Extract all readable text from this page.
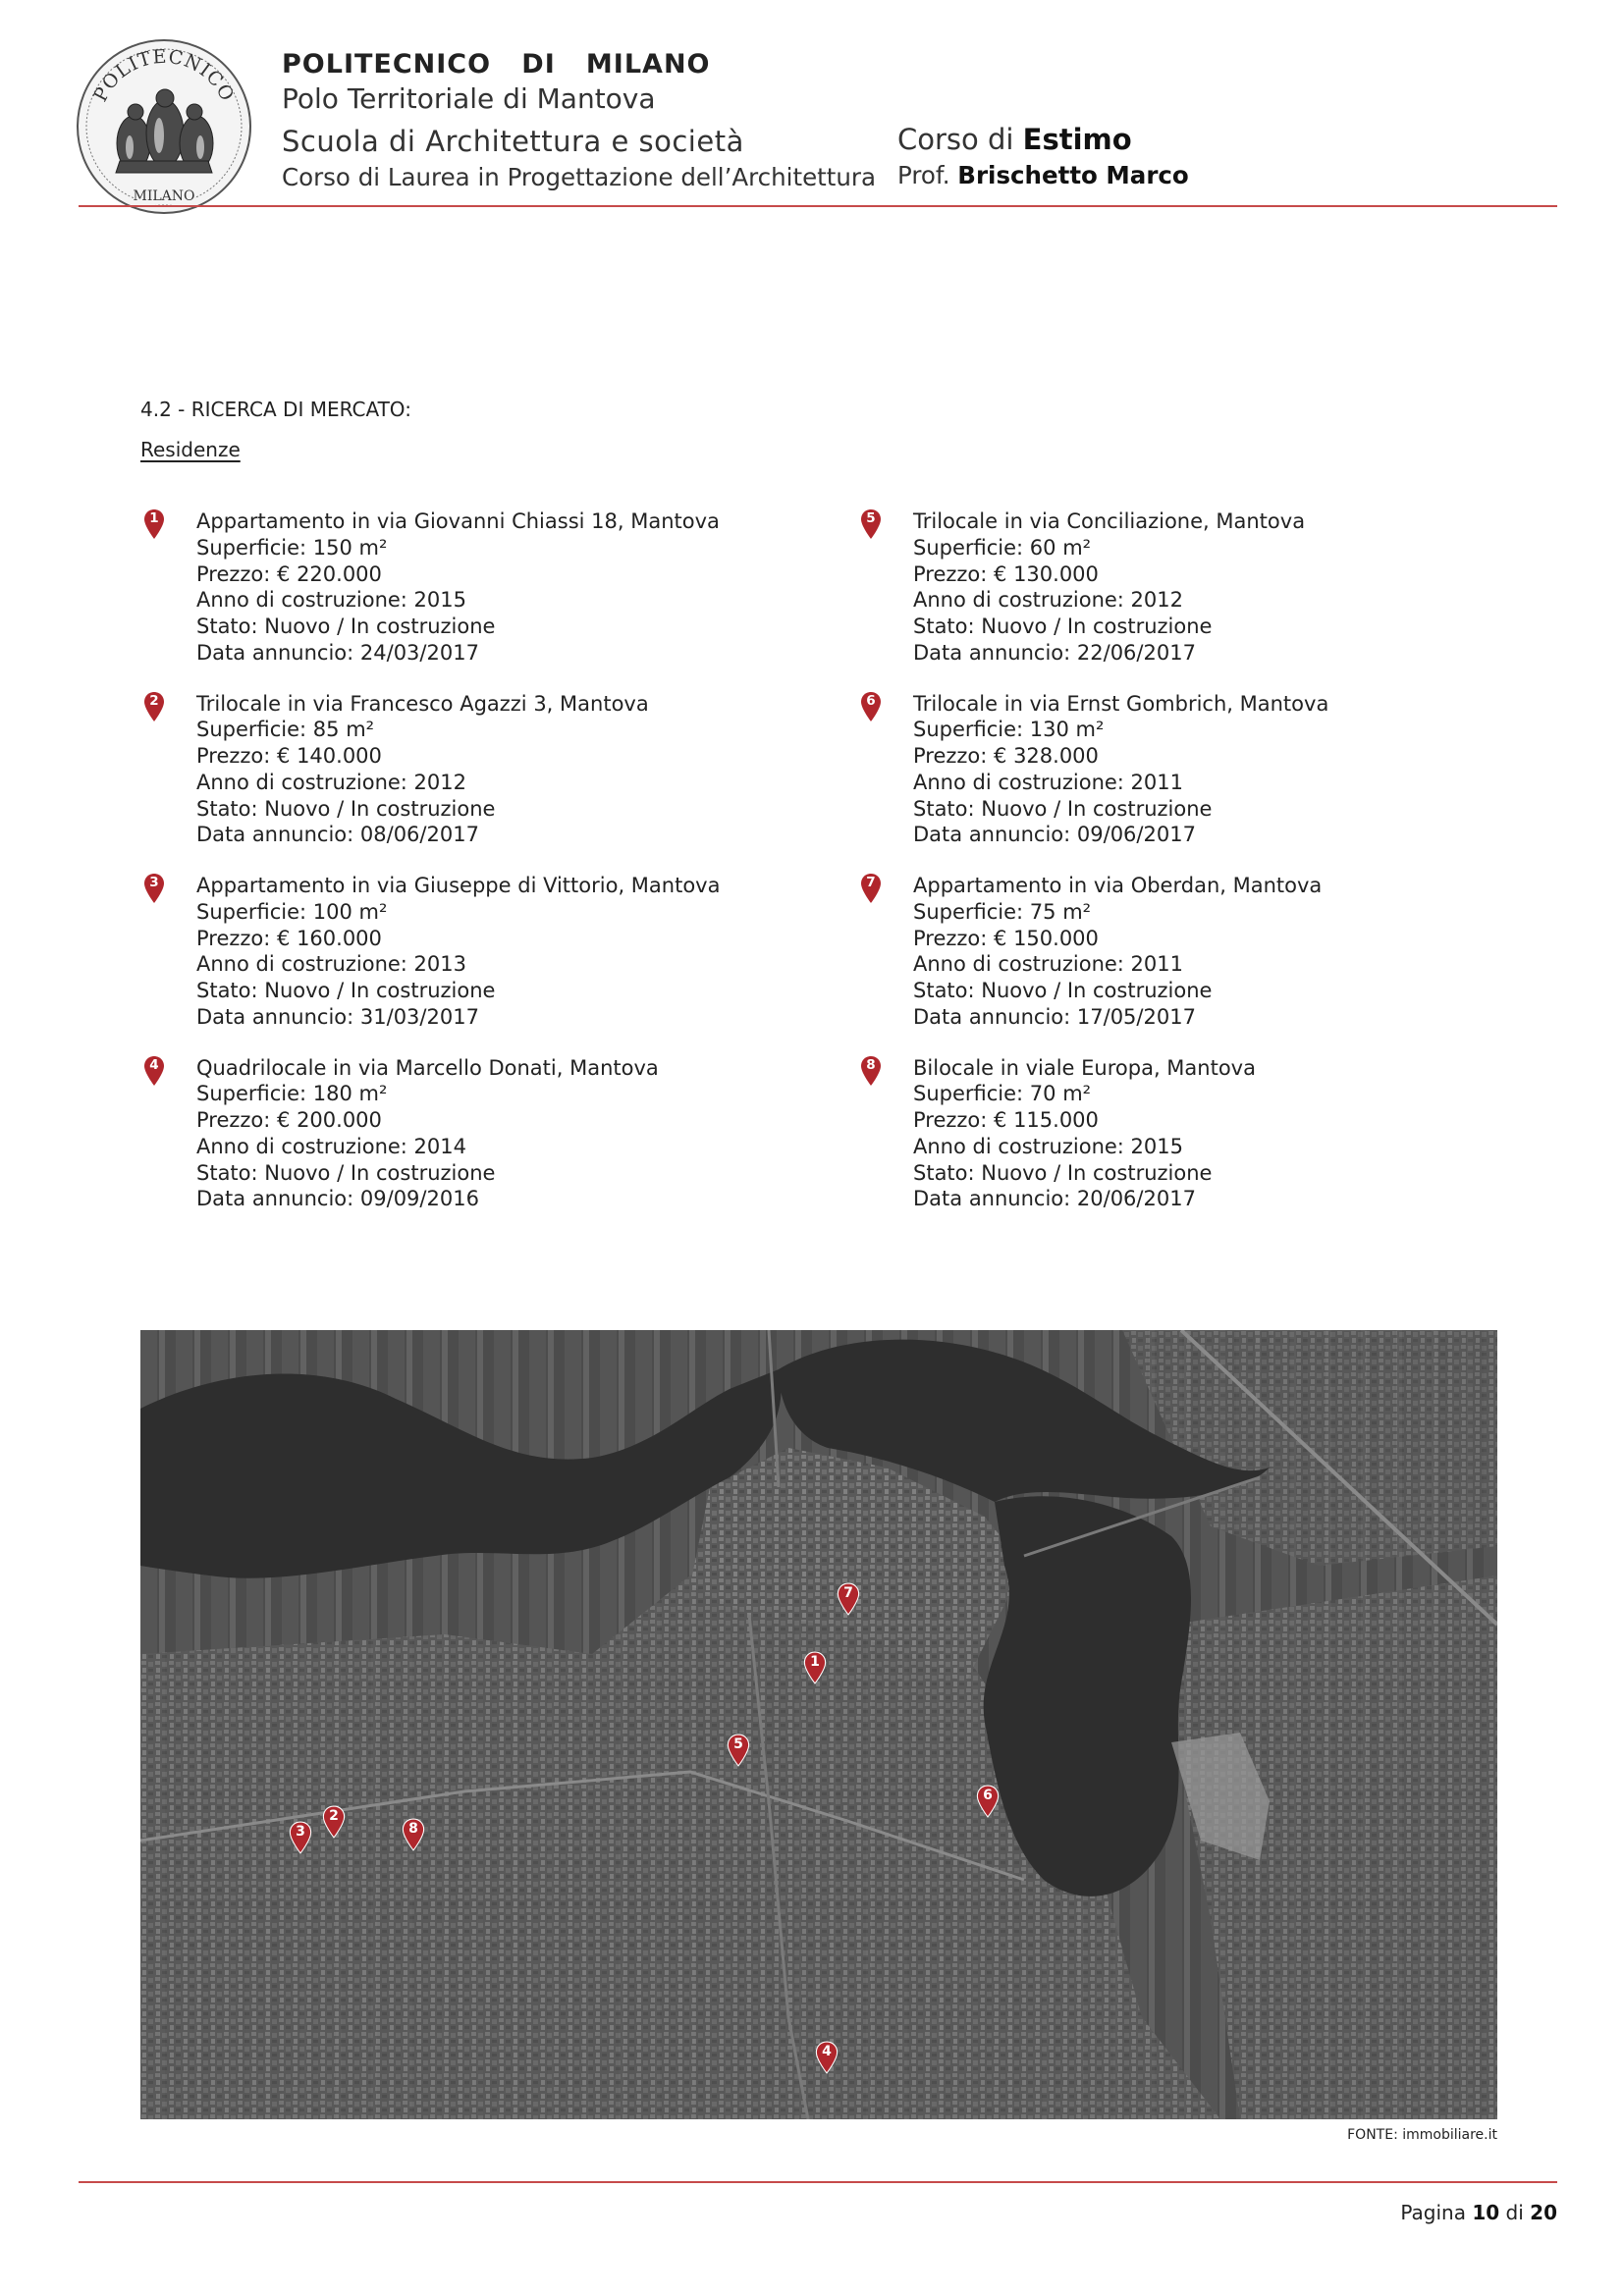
POLITECNICO
MILANO
POLITECNICO   DI   MILANO
Polo Territoriale di Mantova
Scuola di Architettura e società
Corso di Laurea in Progettazione dell’Architettura
Corso di Estimo
Prof. Brischetto Marco
4.2 - RICERCA DI MERCATO:
Residenze
1 Appartamento in via Giovanni Chiassi 18, Mantova
Superficie: 150 m²
Prezzo: € 220.000
Anno di costruzione: 2015
Stato: Nuovo / In costruzione
Data annuncio: 24/03/2017
2 Trilocale in via Francesco Agazzi 3, Mantova
Superficie: 85 m²
Prezzo: € 140.000
Anno di costruzione: 2012
Stato: Nuovo / In costruzione
Data annuncio: 08/06/2017
3 Appartamento in via Giuseppe di Vittorio, Mantova
Superficie: 100 m²
Prezzo: € 160.000
Anno di costruzione: 2013
Stato: Nuovo / In costruzione
Data annuncio: 31/03/2017
4 Quadrilocale in via Marcello Donati, Mantova
Superficie: 180 m²
Prezzo: € 200.000
Anno di costruzione: 2014
Stato: Nuovo / In costruzione
Data annuncio: 09/09/2016
5 Trilocale in via Conciliazione, Mantova
Superficie: 60 m²
Prezzo: € 130.000
Anno di costruzione: 2012
Stato: Nuovo / In costruzione
Data annuncio: 22/06/2017
6 Trilocale in via Ernst Gombrich, Mantova
Superficie: 130 m²
Prezzo: € 328.000
Anno di costruzione: 2011
Stato: Nuovo / In costruzione
Data annuncio: 09/06/2017
7 Appartamento in via Oberdan, Mantova
Superficie: 75 m²
Prezzo: € 150.000
Anno di costruzione: 2011
Stato: Nuovo / In costruzione
Data annuncio: 17/05/2017
8 Bilocale in viale Europa, Mantova
Superficie: 70 m²
Prezzo: € 115.000
Anno di costruzione: 2015
Stato: Nuovo / In costruzione
Data annuncio: 20/06/2017
1
2
3
4
5
6
7
8
FONTE: immobiliare.it
Pagina 10 di 20
